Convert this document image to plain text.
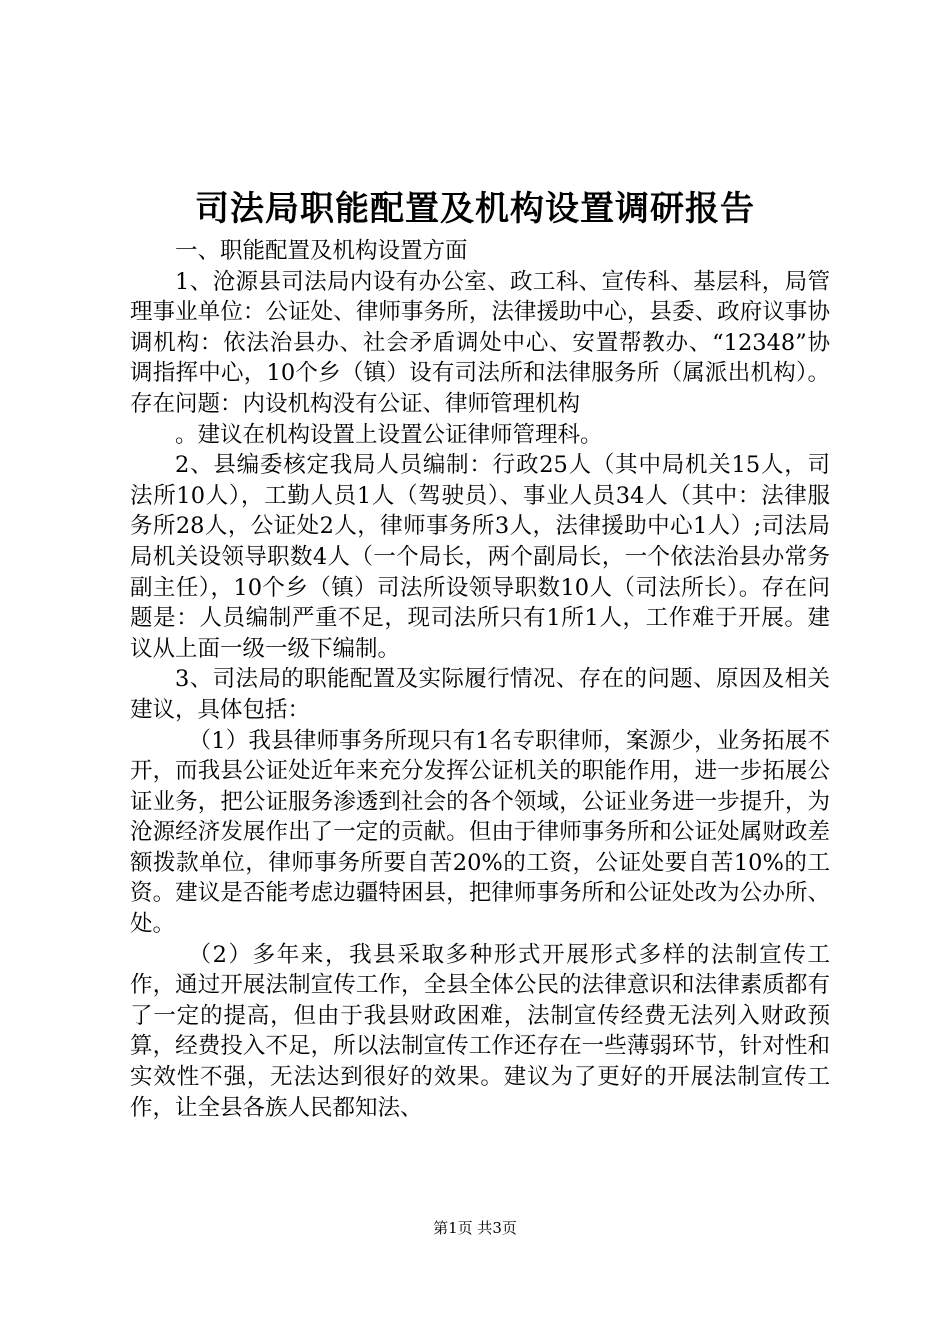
司法局职能配置及机构设置调研报告

一、职能配置及机构设置方面

1、沧源县司法局内设有办公室、政工科、宣传科、基层科，局管理事业单位：公证处、律师事务所，法律援助中心，县委、政府议事协调机构：依法治县办、社会矛盾调处中心、安置帮教办、“12348”协调指挥中心，10个乡（镇）设有司法所和法律服务所（属派出机构）。存在问题：内设机构没有公证、律师管理机构

。建议在机构设置上设置公证律师管理科。

2、县编委核定我局人员编制：行政25人（其中局机关15人，司法所10人），工勤人员1人（驾驶员）、事业人员34人（其中：法律服务所28人，公证处2人，律师事务所3人，法律援助中心1人）;司法局局机关设领导职数4人（一个局长，两个副局长，一个依法治县办常务副主任），10个乡（镇）司法所设领导职数10人（司法所长）。存在问题是：人员编制严重不足，现司法所只有1所1人，工作难于开展。建议从上面一级一级下编制。

3、司法局的职能配置及实际履行情况、存在的问题、原因及相关建议，具体包括：

（1）我县律师事务所现只有1名专职律师，案源少，业务拓展不开，而我县公证处近年来充分发挥公证机关的职能作用，进一步拓展公证业务，把公证服务渗透到社会的各个领域，公证业务进一步提升，为沧源经济发展作出了一定的贡献。但由于律师事务所和公证处属财政差额拨款单位，律师事务所要自苦20%的工资，公证处要自苦10%的工资。建议是否能考虑边疆特困县，把律师事务所和公证处改为公办所、处。

（2）多年来，我县采取多种形式开展形式多样的法制宣传工作，通过开展法制宣传工作，全县全体公民的法律意识和法律素质都有了一定的提高，但由于我县财政困难，法制宣传经费无法列入财政预算，经费投入不足，所以法制宣传工作还存在一些薄弱环节，针对性和实效性不强，无法达到很好的效果。建议为了更好的开展法制宣传工作，让全县各族人民都知法、

第1页 共3页
